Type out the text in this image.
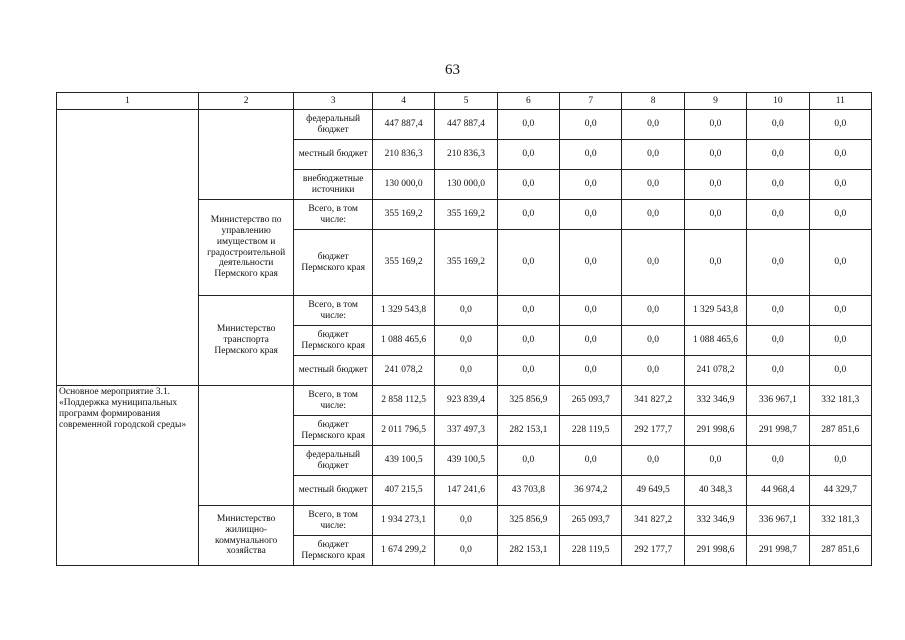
63
1	2	3	4	5	6	7	8	9	10	11
		федеральный бюджет	447 887,4	447 887,4	0,0	0,0	0,0	0,0	0,0	0,0
		местный бюджет	210 836,3	210 836,3	0,0	0,0	0,0	0,0	0,0	0,0
		внебюджетные источники	130 000,0	130 000,0	0,0	0,0	0,0	0,0	0,0	0,0
	Министерство по управлению имуществом и градостроительной деятельности Пермского края	Всего, в том числе:	355 169,2	355 169,2	0,0	0,0	0,0	0,0	0,0	0,0
		бюджет Пермского края	355 169,2	355 169,2	0,0	0,0	0,0	0,0	0,0	0,0
	Министерство транспорта Пермского края	Всего, в том числе:	1 329 543,8	0,0	0,0	0,0	0,0	1 329 543,8	0,0	0,0
		бюджет Пермского края	1 088 465,6	0,0	0,0	0,0	0,0	1 088 465,6	0,0	0,0
		местный бюджет	241 078,2	0,0	0,0	0,0	0,0	241 078,2	0,0	0,0
Основное мероприятие 3.1. «Поддержка муниципальных программ формирования современной городской среды»		Всего, в том числе:	2 858 112,5	923 839,4	325 856,9	265 093,7	341 827,2	332 346,9	336 967,1	332 181,3
		бюджет Пермского края	2 011 796,5	337 497,3	282 153,1	228 119,5	292 177,7	291 998,6	291 998,7	287 851,6
		федеральный бюджет	439 100,5	439 100,5	0,0	0,0	0,0	0,0	0,0	0,0
		местный бюджет	407 215,5	147 241,6	43 703,8	36 974,2	49 649,5	40 348,3	44 968,4	44 329,7
	Министерство жилищно-коммунального хозяйства	Всего, в том числе:	1 934 273,1	0,0	325 856,9	265 093,7	341 827,2	332 346,9	336 967,1	332 181,3
		бюджет Пермского края	1 674 299,2	0,0	282 153,1	228 119,5	292 177,7	291 998,6	291 998,7	287 851,6
